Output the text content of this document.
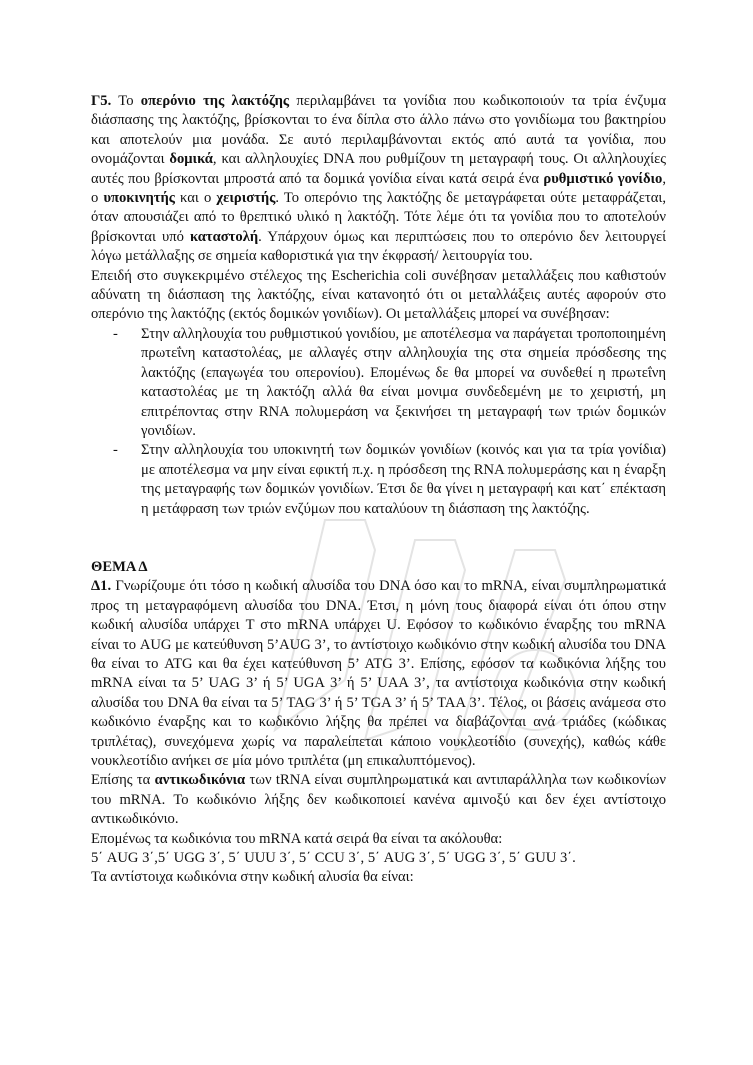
Γ5. Το οπερόνιο της λακτόζης περιλαμβάνει τα γονίδια που κωδικοποιούν τα τρία ένζυμα διάσπασης της λακτόζης, βρίσκονται το ένα δίπλα στο άλλο πάνω στο γονιδίωμα του βακτηρίου και αποτελούν μια μονάδα. Σε αυτό περιλαμβάνονται εκτός από αυτά τα γονίδια, που ονομάζονται δομικά, και αλληλουχίες DNA που ρυθμίζουν τη μεταγραφή τους. Οι αλληλουχίες αυτές που βρίσκονται μπροστά από τα δομικά γονίδια είναι κατά σειρά ένα ρυθμιστικό γονίδιο, ο υποκινητής και ο χειριστής. Το οπερόνιο της λακτόζης δε μεταγράφεται ούτε μεταφράζεται, όταν απουσιάζει από το θρεπτικό υλικό η λακτόζη. Τότε λέμε ότι τα γονίδια που το αποτελούν βρίσκονται υπό καταστολή. Υπάρχουν όμως και περιπτώσεις που το οπερόνιο δεν λειτουργεί λόγω μετάλλαξης σε σημεία καθοριστικά για την έκφρασή/ λειτουργία του.

Επειδή στο συγκεκριμένο στέλεχος της Escherichia coli συνέβησαν μεταλλάξεις που καθιστούν αδύνατη τη διάσπαση της λακτόζης, είναι κατανοητό ότι οι μεταλλάξεις αυτές αφορούν στο οπερόνιο της λακτόζης (εκτός δομικών γονιδίων). Οι μεταλλάξεις μπορεί να συνέβησαν:

- Στην αλληλουχία του ρυθμιστικού γονιδίου, με αποτέλεσμα να παράγεται τροποποιημένη πρωτεΐνη καταστολέας, με αλλαγές στην αλληλουχία της στα σημεία πρόσδεσης της λακτόζης (επαγωγέα του οπερονίου). Επομένως δε θα μπορεί να συνδεθεί η πρωτεΐνη καταστολέας με τη λακτόζη αλλά θα είναι μονιμα συνδεδεμένη με το χειριστή, μη επιτρέποντας στην RNA πολυμεράση να ξεκινήσει τη μεταγραφή των τριών δομικών γονιδίων.
- Στην αλληλουχία του υποκινητή των δομικών γονιδίων (κοινός και για τα τρία γονίδια) με αποτέλεσμα να μην είναι εφικτή π.χ. η πρόσδεση της RNA πολυμεράσης και η έναρξη της μεταγραφής των δομικών γονιδίων. Έτσι δε θα γίνει η μεταγραφή και κατ΄ επέκταση η μετάφραση των τριών ενζύμων που καταλύουν τη διάσπαση της λακτόζης.

ΘΕΜΑ Δ

Δ1. Γνωρίζουμε ότι τόσο η κωδική αλυσίδα του DNA όσο και το mRNA, είναι συμπληρωματικά προς τη μεταγραφόμενη αλυσίδα του DNA. Έτσι, η μόνη τους διαφορά είναι ότι όπου στην κωδική αλυσίδα υπάρχει T στο mRNA υπάρχει U. Εφόσον το κωδικόνιο έναρξης του mRNA είναι το AUG με κατεύθυνση 5’AUG 3’, το αντίστοιχο κωδικόνιο στην κωδική αλυσίδα του DNA θα είναι το ATG και θα έχει κατεύθυνση 5’ ATG 3’. Επίσης, εφόσον τα κωδικόνια λήξης του mRNA είναι τα 5’ UAG 3’ ή 5’ UGA 3’ ή 5’ UAA 3’, τα αντίστοιχα κωδικόνια στην κωδική αλυσίδα του DNA θα είναι τα 5’ TAG 3’ ή 5’ TGA 3’ ή 5’ TAA 3’. Τέλος, οι βάσεις ανάμεσα στο κωδικόνιο έναρξης και το κωδικόνιο λήξης θα πρέπει να διαβάζονται ανά τριάδες (κώδικας τριπλέτας), συνεχόμενα χωρίς να παραλείπεται κάποιο νουκλεοτίδιο (συνεχής), καθώς κάθε νουκλεοτίδιο ανήκει σε μία μόνο τριπλέτα (μη επικαλυπτόμενος).

Επίσης τα αντικωδικόνια των tRNA είναι συμπληρωματικά και αντιπαράλληλα των κωδικονίων του mRNA. Το κωδικόνιο λήξης δεν κωδικοποιεί κανένα αμινοξύ και δεν έχει αντίστοιχο αντικωδικόνιο.

Επομένως τα κωδικόνια του mRNA κατά σειρά θα είναι τα ακόλουθα:

5΄ AUG 3΄,5΄ UGG 3΄, 5΄ UUU 3΄, 5΄ CCU 3΄, 5΄ AUG 3΄, 5΄ UGG 3΄, 5΄ GUU 3΄.

Τα αντίστοιχα κωδικόνια στην κωδική αλυσία θα είναι:
